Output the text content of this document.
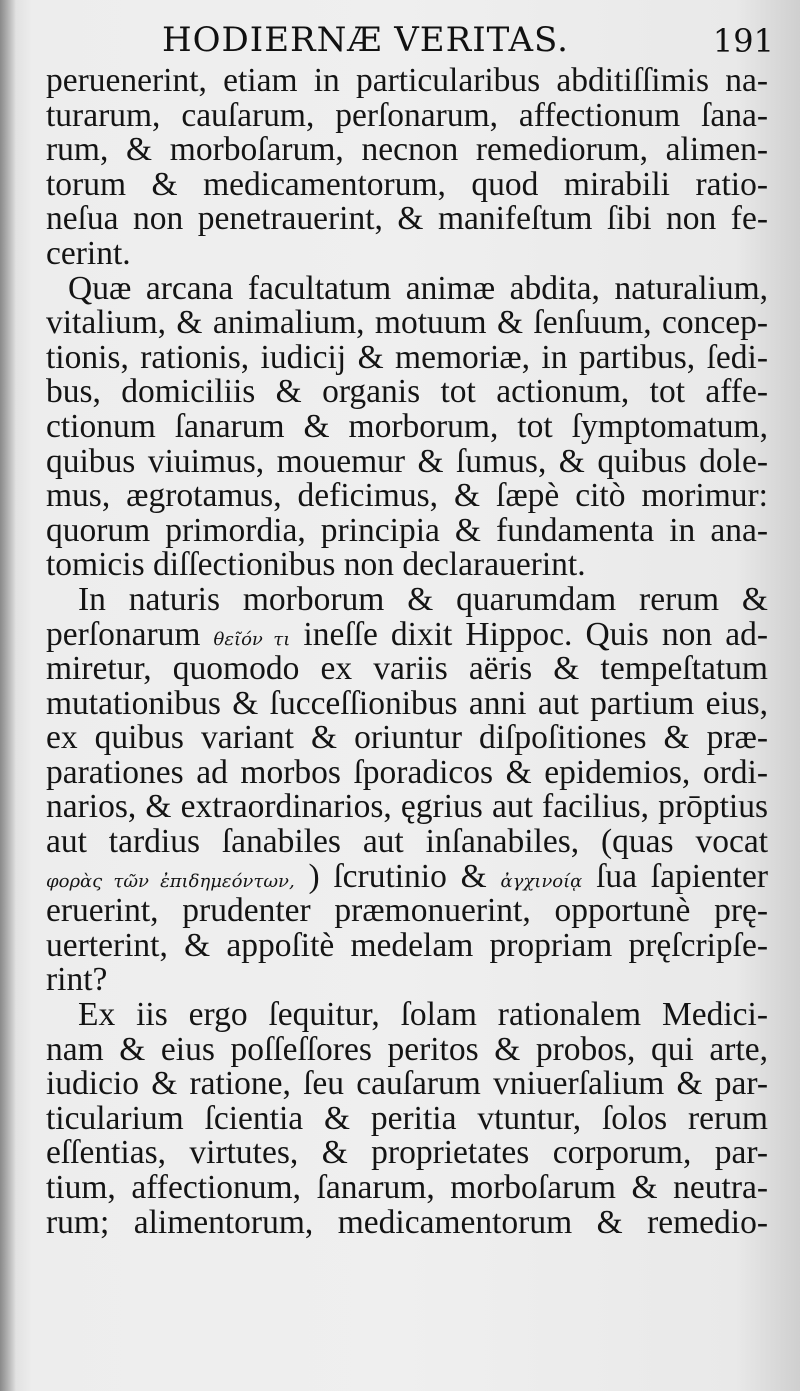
HODIERNÆ VERITAS.	191
peruenerint, etiam in particularibus abditiſſimis na-
turarum, cauſarum, perſonarum, affectionum ſana-
rum, & morboſarum, necnon remediorum, alimen-
torum & medicamentorum, quod mirabili ratio-
neſua non penetrauerint, & manifeſtum ſibi non fe-
cerint.
Quæ arcana facultatum animæ abdita, naturalium,
vitalium, & animalium, motuum & ſenſuum, concep-
tionis, rationis, iudicij & memoriæ, in partibus, ſedi-
bus, domiciliis & organis tot actionum, tot affe-
ctionum ſanarum & morborum, tot ſymptomatum,
quibus viuimus, mouemur & ſumus, & quibus dole-
mus, ægrotamus, deficimus, & ſæpè citò morimur:
quorum primordia, principia & fundamenta in ana-
tomicis diſſectionibus non declarauerint.
In naturis morborum & quarumdam rerum &
perſonarum θεῖόν τι ineſſe dixit Hippoc. Quis non ad-
miretur, quomodo ex variis aëris & tempeſtatum
mutationibus & ſucceſſionibus anni aut partium eius,
ex quibus variant & oriuntur diſpoſitiones & præ-
parationes ad morbos ſporadicos & epidemios, ordi-
narios, & extraordinarios, ęgrius aut facilius, prōptius
aut tardius ſanabiles aut inſanabiles, (quas vocat
φορὰς τῶν ἐπιδημεόντων, ) ſcrutinio & ἀγχινοίᾳ ſua ſapienter
eruerint, prudenter præmonuerint, opportunè prę-
uerterint, & appoſitè medelam propriam pręſcripſe-
rint?
Ex iis ergo ſequitur, ſolam rationalem Medici-
nam & eius poſſeſſores peritos & probos, qui arte,
iudicio & ratione, ſeu cauſarum vniuerſalium & par-
ticularium ſcientia & peritia vtuntur, ſolos rerum
eſſentias, virtutes, & proprietates corporum, par-
tium, affectionum, ſanarum, morboſarum & neutra-
rum; alimentorum, medicamentorum & remedio-
